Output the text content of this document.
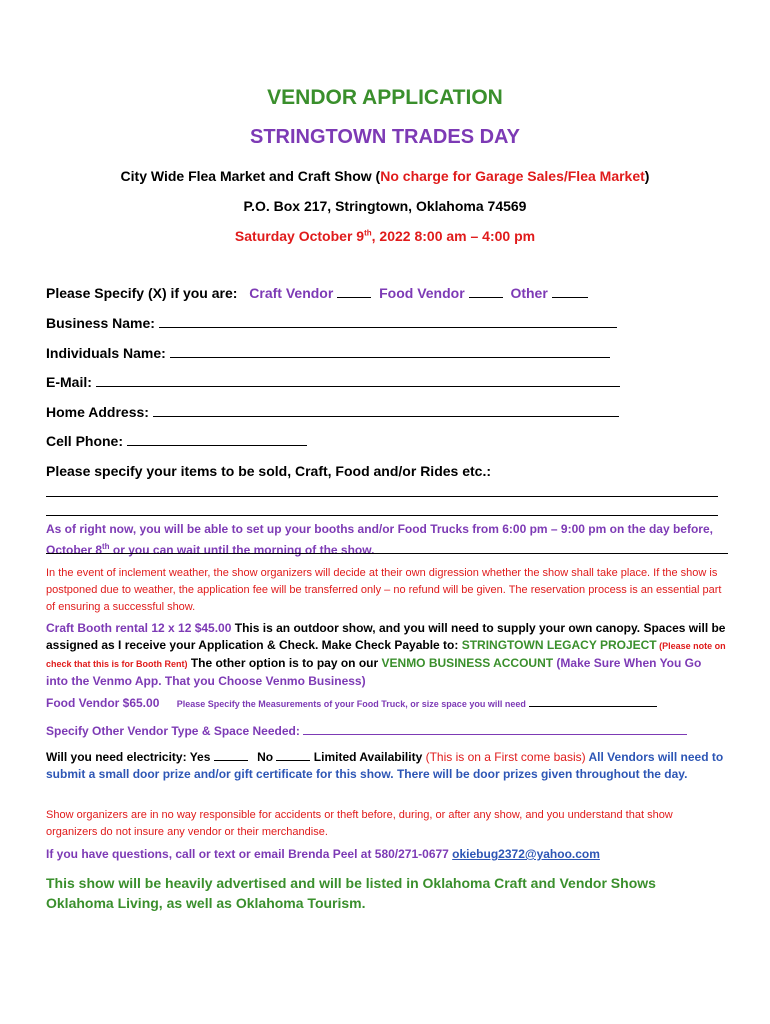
VENDOR APPLICATION
STRINGTOWN TRADES DAY
City Wide Flea Market and Craft Show (No charge for Garage Sales/Flea Market)
P.O. Box 217, Stringtown, Oklahoma 74569
Saturday October 9th, 2022 8:00 am – 4:00 pm
Please Specify (X) if you are: Craft Vendor	Food Vendor	Other
Business Name:
Individuals Name:
E-Mail:
Home Address:
Cell Phone:
Please specify your items to be sold, Craft, Food and/or Rides etc.:
As of right now, you will be able to set up your booths and/or Food Trucks from 6:00 pm – 9:00 pm on the day before, October 8th or you can wait until the morning of the show.
In the event of inclement weather, the show organizers will decide at their own digression whether the show shall take place. If the show is postponed due to weather, the application fee will be transferred only – no refund will be given. The reservation process is an essential part of ensuring a successful show.
Craft Booth rental 12 x 12 $45.00 This is an outdoor show, and you will need to supply your own canopy. Spaces will be assigned as I receive your Application & Check. Make Check Payable to: STRINGTOWN LEGACY PROJECT (Please note on check that this is for Booth Rent) The other option is to pay on our VENMO BUSINESS ACCOUNT (Make Sure When You Go into the Venmo App. That you Choose Venmo Business)
Food Vendor $65.00 Please Specify the Measurements of your Food Truck, or size space you will need
Specify Other Vendor Type & Space Needed:
Will you need electricity: Yes	No	Limited Availability (This is on a First come basis) All Vendors will need to submit a small door prize and/or gift certificate for this show. There will be door prizes given throughout the day.
Show organizers are in no way responsible for accidents or theft before, during, or after any show, and you understand that show organizers do not insure any vendor or their merchandise.
If you have questions, call or text or email Brenda Peel at 580/271-0677 okiebug2372@yahoo.com
This show will be heavily advertised and will be listed in Oklahoma Craft and Vendor Shows Oklahoma Living, as well as Oklahoma Tourism.
